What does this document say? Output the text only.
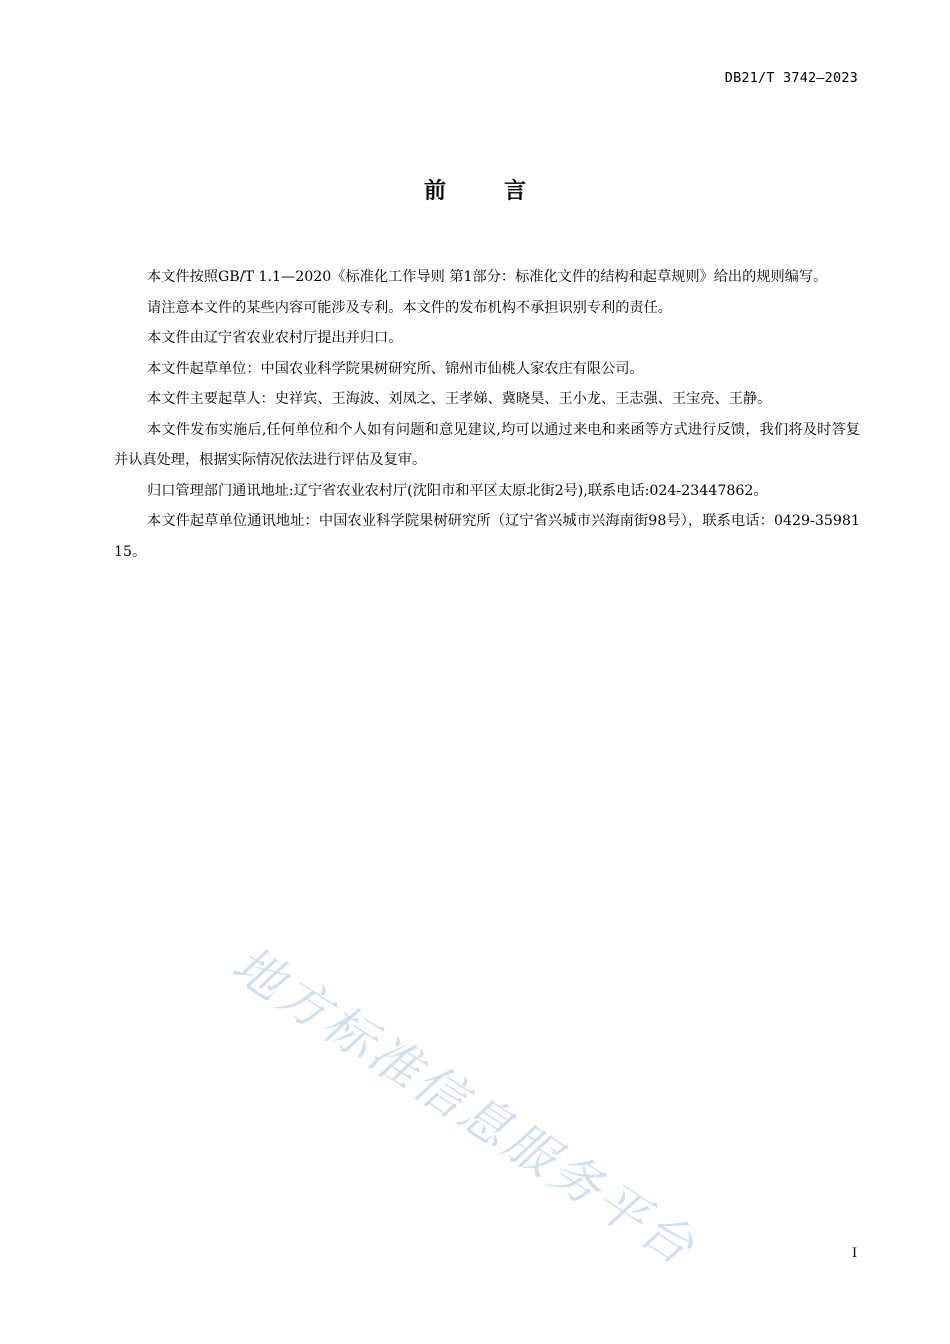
DB21/T 3742—2023
前	言

本文件按照GB/T 1.1—2020《标准化工作导则 第1部分：标准化文件的结构和起草规则》给出的规则编写。

请注意本文件的某些内容可能涉及专利。本文件的发布机构不承担识别专利的责任。

本文件由辽宁省农业农村厅提出并归口。

本文件起草单位：中国农业科学院果树研究所、锦州市仙桃人家农庄有限公司。

本文件主要起草人：史祥宾、王海波、刘凤之、王孝娣、冀晓昊、王小龙、王志强、王宝亮、王静。

本文件发布实施后,任何单位和个人如有问题和意见建议,均可以通过来电和来函等方式进行反馈，我们将及时答复并认真处理，根据实际情况依法进行评估及复审。

归口管理部门通讯地址:辽宁省农业农村厅(沈阳市和平区太原北街2号),联系电话:024-23447862。

本文件起草单位通讯地址：中国农业科学院果树研究所（辽宁省兴城市兴海南街98号），联系电话：0429-3598115。

地方标准信息服务平台	I
